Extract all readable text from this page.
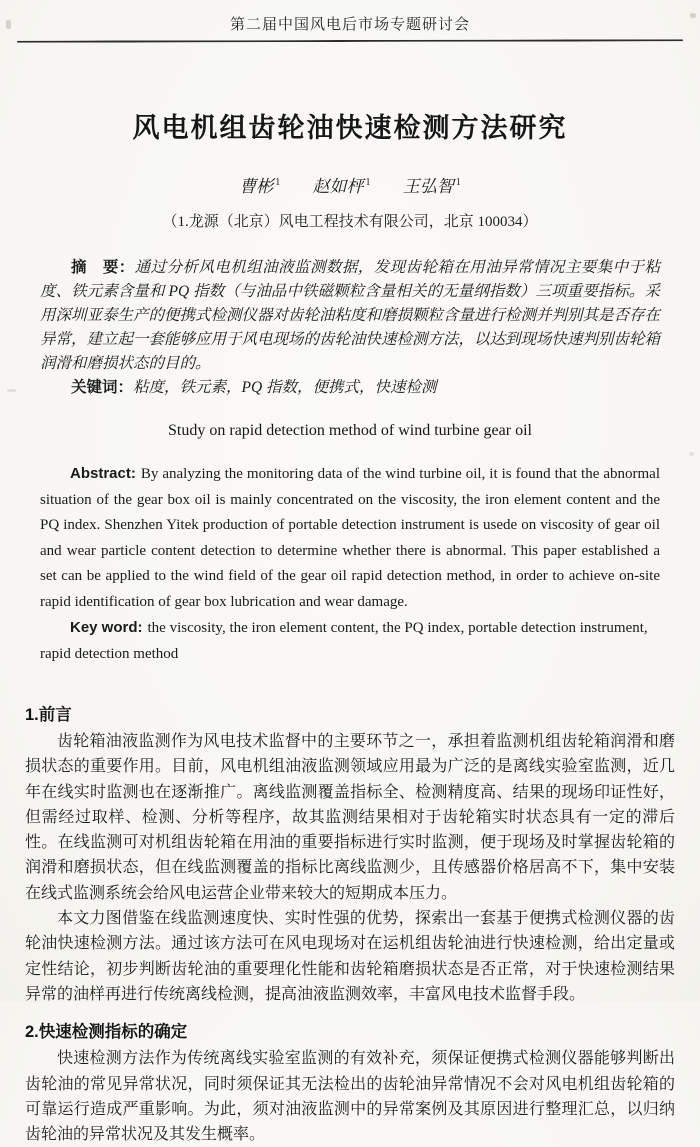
第二届中国风电后市场专题研讨会
风电机组齿轮油快速检测方法研究
曹彬 $^1$ 赵如枰 $^1$ 王弘智 $^1$
（1.龙源（北京）风电工程技术有限公司，北京 100034）

摘　要：通过分析风电机组油液监测数据，发现齿轮箱在用油异常情况主要集中于粘度、铁元素含量和 PQ 指数（与油品中铁磁颗粒含量相关的无量纲指数）三项重要指标。采用深圳亚泰生产的便携式检测仪器对齿轮油粘度和磨损颗粒含量进行检测并判别其是否存在异常，建立起一套能够应用于风电现场的齿轮油快速检测方法，以达到现场快速判别齿轮箱润滑和磨损状态的目的。

关键词：粘度，铁元素，PQ 指数，便携式，快速检测

Study on rapid detection method of wind turbine gear oil

Abstract: By analyzing the monitoring data of the wind turbine oil, it is found that the abnormal situation of the gear box oil is mainly concentrated on the viscosity, the iron element content and the PQ index. Shenzhen Yitek production of portable detection instrument is usede on viscosity of gear oil and wear particle content detection to determine whether there is abnormal. This paper established a set can be applied to the wind field of the gear oil rapid detection method, in order to achieve on-site rapid identification of gear box lubrication and wear damage.

Key word: the viscosity, the iron element content, the PQ index, portable detection instrument, rapid detection method

1.前言

齿轮箱油液监测作为风电技术监督中的主要环节之一，承担着监测机组齿轮箱润滑和磨损状态的重要作用。目前，风电机组油液监测领域应用最为广泛的是离线实验室监测，近几年在线实时监测也在逐渐推广。离线监测覆盖指标全、检测精度高、结果的现场印证性好，但需经过取样、检测、分析等程序，故其监测结果相对于齿轮箱实时状态具有一定的滞后性。在线监测可对机组齿轮箱在用油的重要指标进行实时监测，便于现场及时掌握齿轮箱的润滑和磨损状态，但在线监测覆盖的指标比离线监测少，且传感器价格居高不下，集中安装在线式监测系统会给风电运营企业带来较大的短期成本压力。

本文力图借鉴在线监测速度快、实时性强的优势，探索出一套基于便携式检测仪器的齿轮油快速检测方法。通过该方法可在风电现场对在运机组齿轮油进行快速检测，给出定量或定性结论，初步判断齿轮油的重要理化性能和齿轮箱磨损状态是否正常，对于快速检测结果异常的油样再进行传统离线检测，提高油液监测效率，丰富风电技术监督手段。

2.快速检测指标的确定

快速检测方法作为传统离线实验室监测的有效补充，须保证便携式检测仪器能够判断出齿轮油的常见异常状况，同时须保证其无法检出的齿轮油异常情况不会对风电机组齿轮箱的可靠运行造成严重影响。为此，须对油液监测中的异常案例及其原因进行整理汇总，以归纳齿轮油的异常状况及其发生概率。
